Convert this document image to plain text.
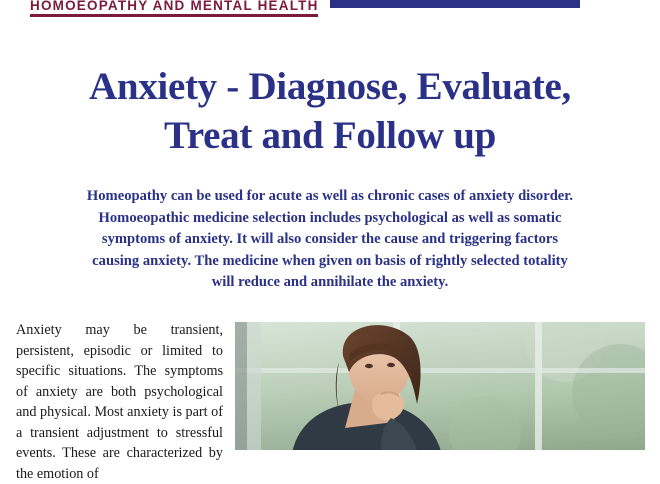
HOMOEOPATHY AND MENTAL HEALTH
Anxiety - Diagnose, Evaluate,
Treat and Follow up
Homeopathy can be used for acute as well as chronic cases of anxiety disorder. Homoeopathic medicine selection includes psychological as well as somatic symptoms of anxiety. It will also consider the cause and triggering factors causing anxiety. The medicine when given on basis of rightly selected totality will reduce and annihilate the anxiety.
Anxiety may be transient, persistent, episodic or limited to specific situations. The symptoms of anxiety are both psychological and physical. Most anxiety is part of a transient adjustment to stressful events. These are characterized by the emotion of
